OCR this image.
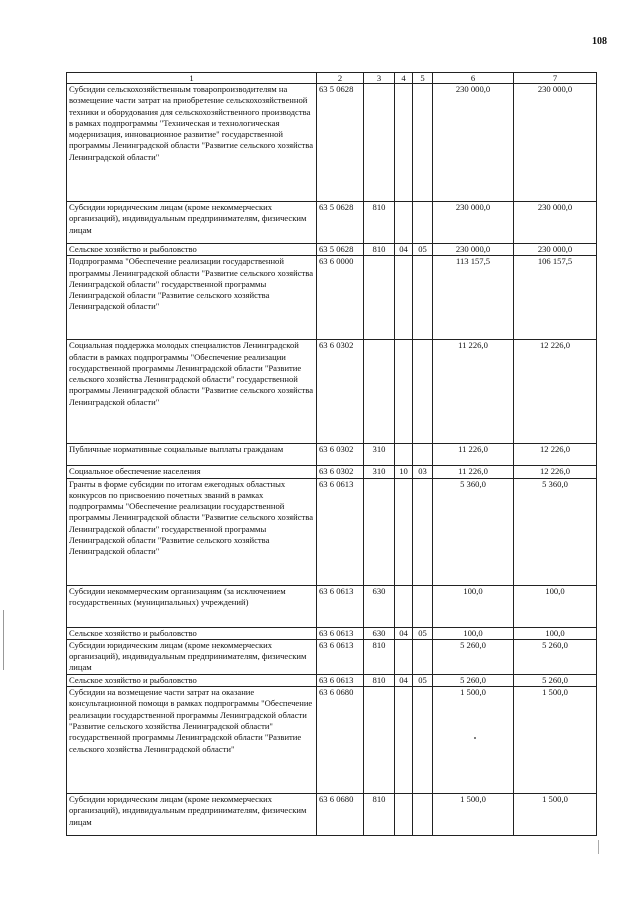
108
1	2	3	4	5	6	7
Субсидии сельскохозяйственным товаропроизводителям на возмещение части затрат на приобретение сельскохозяйственной техники и оборудования для сельскохозяйственного производства в рамках подпрограммы "Техническая и технологическая модернизация, инновационное развитие" государственной программы Ленинградской области "Развитие сельского хозяйства Ленинградской области"	63 5 0628				230 000,0	230 000,0
Субсидии юридическим лицам (кроме некоммерческих организаций), индивидуальным предпринимателям, физическим лицам	63 5 0628	810			230 000,0	230 000,0
Сельское хозяйство и рыболовство	63 5 0628	810	04	05	230 000,0	230 000,0
Подпрограмма "Обеспечение реализации государственной программы Ленинградской области "Развитие сельского хозяйства Ленинградской области" государственной программы Ленинградской области "Развитие сельского хозяйства Ленинградской области"	63 6 0000				113 157,5	106 157,5
Социальная поддержка молодых специалистов Ленинградской области в рамках подпрограммы "Обеспечение реализации государственной программы Ленинградской области "Развитие сельского хозяйства Ленинградской области" государственной программы Ленинградской области "Развитие сельского хозяйства Ленинградской области"	63 6 0302				11 226,0	12 226,0
Публичные нормативные социальные выплаты гражданам	63 6 0302	310			11 226,0	12 226,0
Социальное обеспечение населения	63 6 0302	310	10	03	11 226,0	12 226,0
Гранты в форме субсидии по итогам ежегодных областных конкурсов по присвоению почетных званий в рамках подпрограммы "Обеспечение реализации государственной программы Ленинградской области "Развитие сельского хозяйства Ленинградской области" государственной программы Ленинградской области "Развитие сельского хозяйства Ленинградской области"	63 6 0613				5 360,0	5 360,0
Субсидии некоммерческим организациям (за исключением государственных (муниципальных) учреждений)	63 6 0613	630			100,0	100,0
Сельское хозяйство и рыболовство	63 6 0613	630	04	05	100,0	100,0
Субсидии юридическим лицам (кроме некоммерческих организаций), индивидуальным предпринимателям, физическим лицам	63 6 0613	810			5 260,0	5 260,0
Сельское хозяйство и рыболовство	63 6 0613	810	04	05	5 260,0	5 260,0
Субсидии на возмещение части затрат на оказание консультационной помощи в рамках подпрограммы "Обеспечение реализации государственной программы Ленинградской области "Развитие сельского хозяйства Ленинградской области" государственной программы Ленинградской области "Развитие сельского хозяйства Ленинградской области"	63 6 0680				1 500,0	1 500,0
Субсидии юридическим лицам (кроме некоммерческих организаций), индивидуальным предпринимателям, физическим лицам	63 6 0680	810			1 500,0	1 500,0
